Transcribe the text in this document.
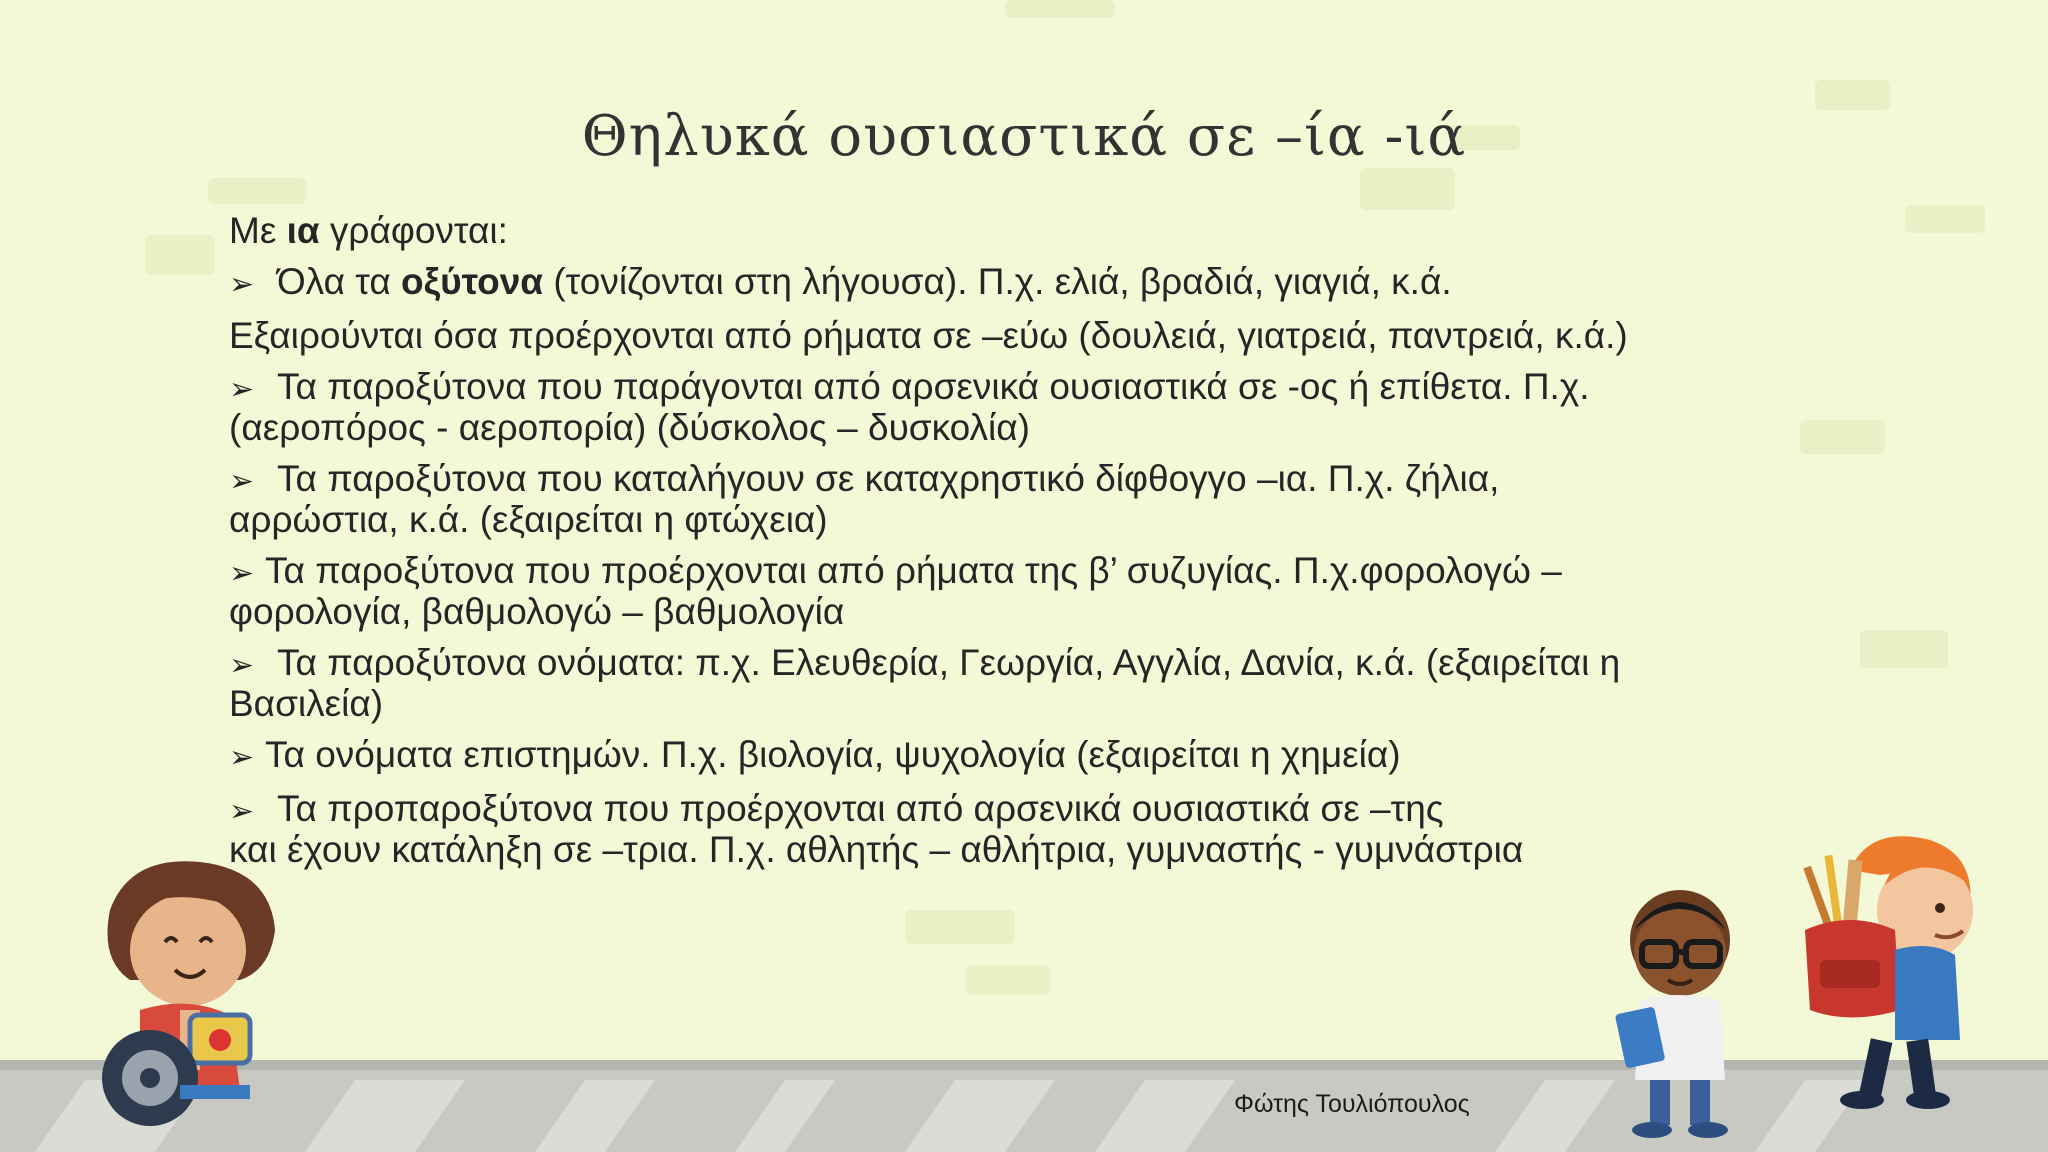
Θηλυκά ουσιαστικά σε –ία -ιά
Με ια γράφονται:
➢ Όλα τα οξύτονα (τονίζονται στη λήγουσα). Π.χ. ελιά, βραδιά, γιαγιά, κ.ά.
Εξαιρούνται όσα προέρχονται από ρήματα σε –εύω (δουλειά, γιατρειά, παντρειά, κ.ά.)
➢ Τα παροξύτονα που παράγονται από αρσενικά ουσιαστικά σε -ος ή επίθετα. Π.χ.
(αεροπόρος - αεροπορία) (δύσκολος – δυσκολία)
➢ Τα παροξύτονα που καταλήγουν σε καταχρηστικό δίφθογγο –ια. Π.χ. ζήλια,
αρρώστια, κ.ά. (εξαιρείται η φτώχεια)
➢ Τα παροξύτονα που προέρχονται από ρήματα της β’ συζυγίας. Π.χ.φορολογώ –
φορολογία, βαθμολογώ – βαθμολογία
➢ Τα παροξύτονα ονόματα: π.χ. Ελευθερία, Γεωργία, Αγγλία, Δανία, κ.ά. (εξαιρείται η
Βασιλεία)
➢ Τα ονόματα επιστημών. Π.χ. βιολογία, ψυχολογία (εξαιρείται η χημεία)
➢ Τα προπαροξύτονα που προέρχονται από αρσενικά ουσιαστικά σε –της
και έχουν κατάληξη σε –τρια. Π.χ. αθλητής – αθλήτρια, γυμναστής - γυμνάστρια
Φώτης Τουλιόπουλος
